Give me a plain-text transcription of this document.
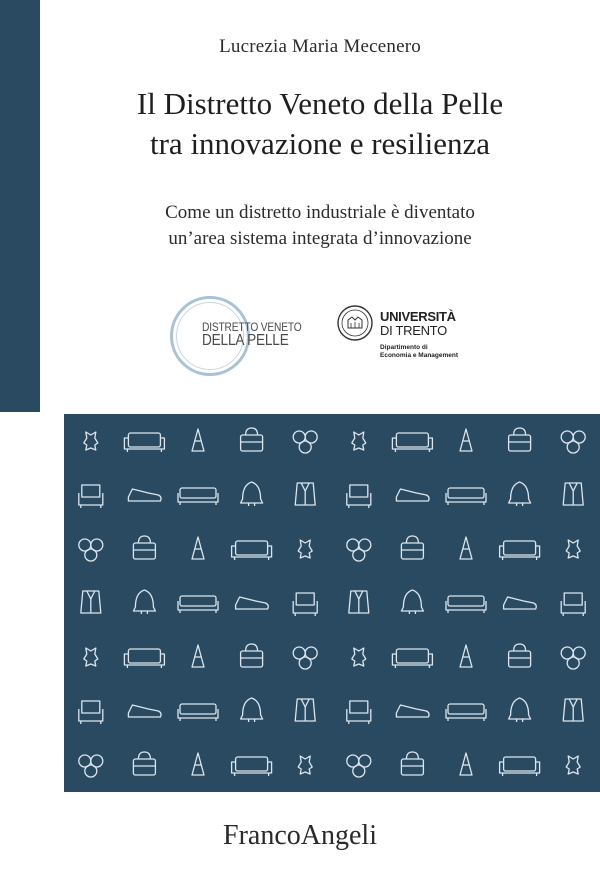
Lucrezia Maria Mecenero
Il Distretto Veneto della Pelle
tra innovazione e resilienza
Come un distretto industriale è diventato
un’area sistema integrata d’innovazione
DISTRETTO VENETO
DELLA PELLE
UNIVERSITÀ
DI TRENTO
Dipartimento di
Economia e Management
FrancoAngeli
